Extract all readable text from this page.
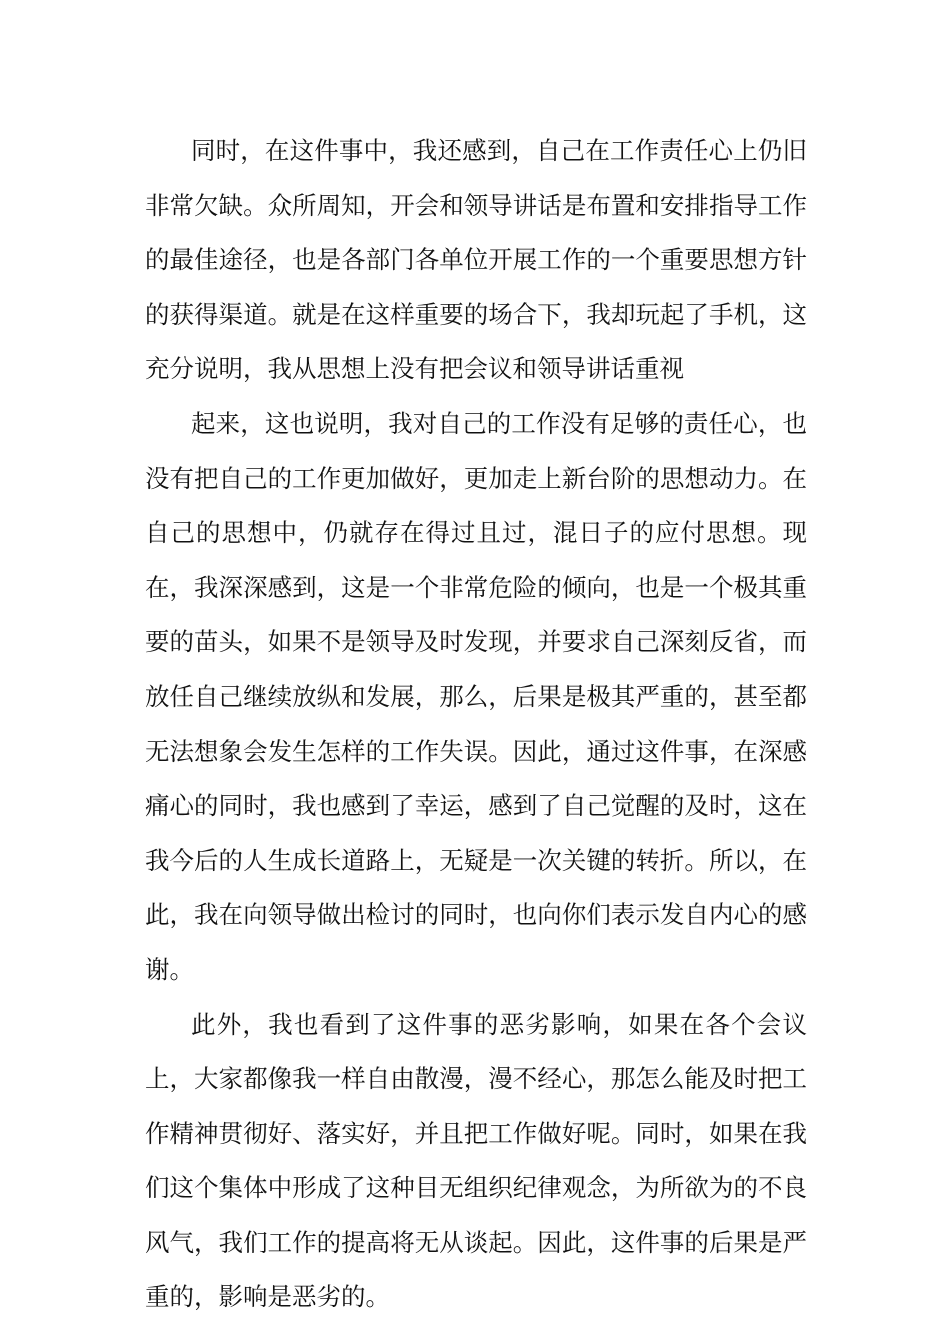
同时，在这件事中，我还感到，自己在工作责任心上仍旧非常欠缺。众所周知，开会和领导讲话是布置和安排指导工作的最佳途径，也是各部门各单位开展工作的一个重要思想方针的获得渠道。就是在这样重要的场合下，我却玩起了手机，这充分说明，我从思想上没有把会议和领导讲话重视

起来，这也说明，我对自己的工作没有足够的责任心，也没有把自己的工作更加做好，更加走上新台阶的思想动力。在自己的思想中，仍就存在得过且过，混日子的应付思想。现在，我深深感到，这是一个非常危险的倾向，也是一个极其重要的苗头，如果不是领导及时发现，并要求自己深刻反省，而放任自己继续放纵和发展，那么，后果是极其严重的，甚至都无法想象会发生怎样的工作失误。因此，通过这件事，在深感痛心的同时，我也感到了幸运，感到了自己觉醒的及时，这在我今后的人生成长道路上，无疑是一次关键的转折。所以，在此，我在向领导做出检讨的同时，也向你们表示发自内心的感谢。

此外，我也看到了这件事的恶劣影响，如果在各个会议上，大家都像我一样自由散漫，漫不经心，那怎么能及时把工作精神贯彻好、落实好，并且把工作做好呢。同时，如果在我们这个集体中形成了这种目无组织纪律观念，为所欲为的不良风气，我们工作的提高将无从谈起。因此，这件事的后果是严重的，影响是恶劣的。
